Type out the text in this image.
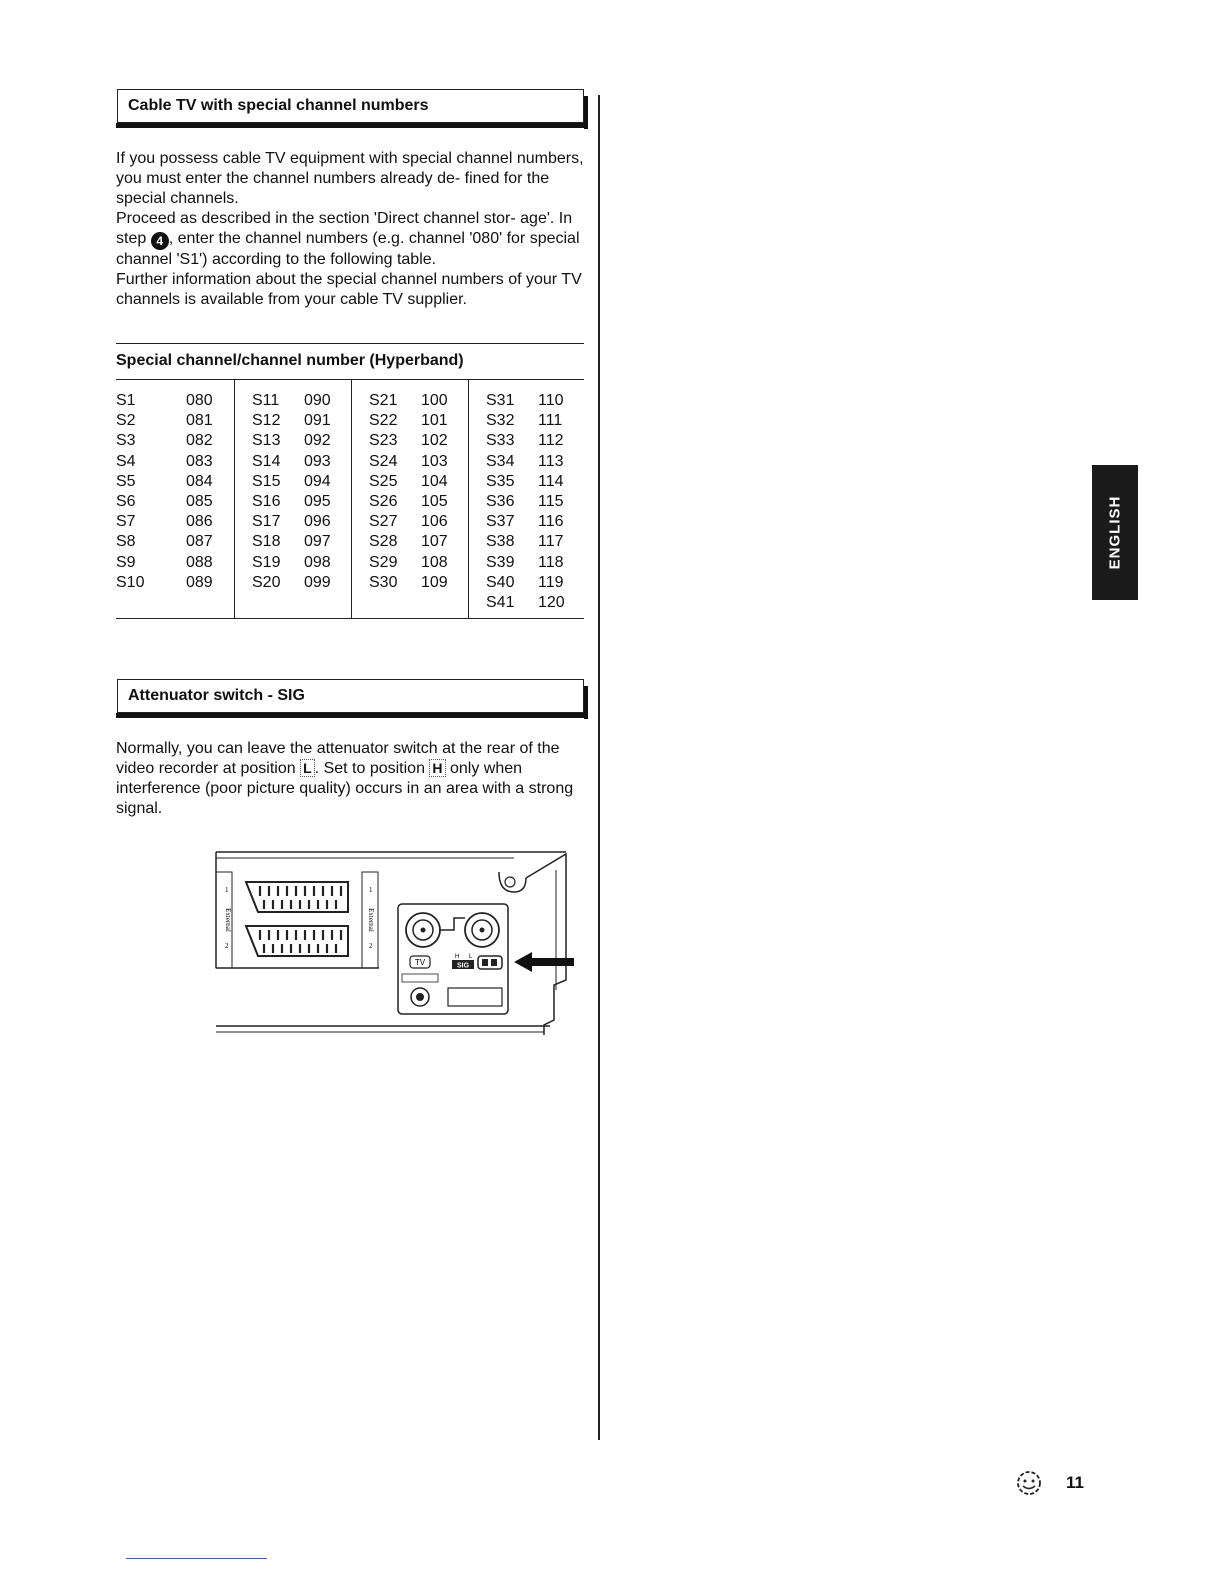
Cable TV with special channel numbers

If you possess cable TV equipment with special channel numbers, you must enter the channel numbers already de- fined for the special channels.

Proceed as described in the section 'Direct channel stor- age'. In step 4 , enter the channel numbers (e.g. channel '080' for special channel 'S1') according to the following table.

Further information about the special channel numbers of your TV channels is available from your cable TV supplier.

Special channel/channel number (Hyperband)
S1	080
S2	081
S3	082
S4	083
S5	084
S6	085
S7	086
S8	087
S9	088
S10	089
S11 090
S12 091
S13 092
S14 093
S15 094
S16 095
S17 096
S18 097
S19 098
S20 099
S21 100
S22 101
S23 102
S24 103
S25 104
S26 105
S27 106
S28 107
S29 108
S30 109
S31 110
S32 111
S33 112
S34 113
S35 114
S36 115
S37 116
S38 117
S39 118
S40 119
S41 120
Attenuator switch - SIG

Normally, you can leave the attenuator switch at the rear of the video recorder at position L . Set to position H only when interference (poor picture quality) occurs in an area with a strong signal.

External	External
1
2
1
2
TV
H L
SIG
ENGLISH
11
